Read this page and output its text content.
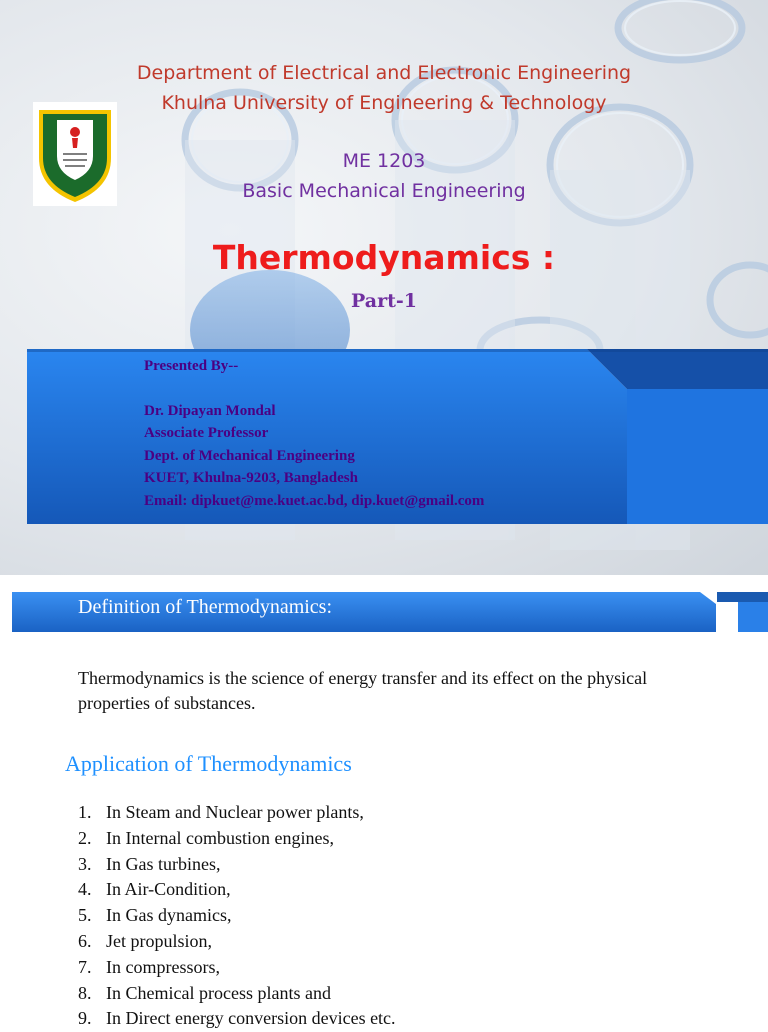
Department of Electrical and Electronic Engineering
Khulna University of Engineering & Technology
ME 1203
Basic Mechanical Engineering
Thermodynamics :
Part-1
Presented By--
Dr. Dipayan Mondal
Associate Professor
Dept. of Mechanical Engineering
KUET, Khulna-9203, Bangladesh
Email: dipkuet@me.kuet.ac.bd, dip.kuet@gmail.com
Definition of Thermodynamics:
Thermodynamics is the science of energy transfer and its effect on the physical properties of substances.
Application of Thermodynamics
1. In Steam and Nuclear power plants,
2. In Internal combustion engines,
3. In Gas turbines,
4. In Air-Condition,
5. In Gas dynamics,
6. Jet propulsion,
7. In compressors,
8. In Chemical process plants and
9. In Direct energy conversion devices etc.
